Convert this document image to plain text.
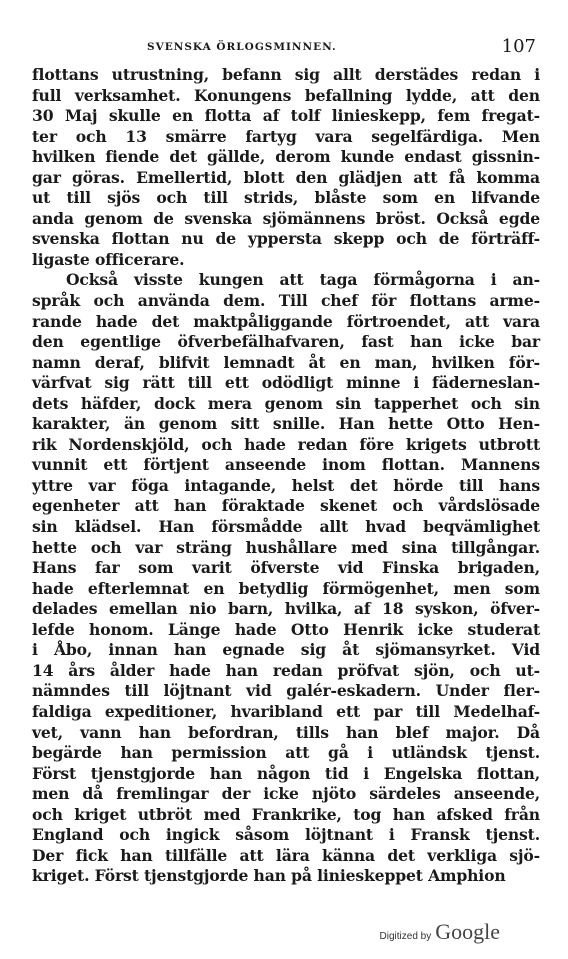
SVENSKA ÖRLOGSMINNEN.	107
flottans utrustning, befann sig allt derstädes redan i
full verksamhet. Konungens befallning lydde, att den
30 Maj skulle en flotta af tolf linieskepp, fem fregat-
ter och 13 smärre fartyg vara segelfärdiga. Men
hvilken fiende det gällde, derom kunde endast gissnin-
gar göras. Emellertid, blott den glädjen att få komma
ut till sjös och till strids, blåste som en lifvande
anda genom de svenska sjömännens bröst. Också egde
svenska flottan nu de yppersta skepp och de förträff-
ligaste officerare.
Också visste kungen att taga förmågorna i an-
språk och använda dem. Till chef för flottans arme-
rande hade det maktpåliggande förtroendet, att vara
den egentlige öfverbefälhafvaren, fast han icke bar
namn deraf, blifvit lemnadt åt en man, hvilken för-
värfvat sig rätt till ett odödligt minne i fäderneslan-
dets häfder, dock mera genom sin tapperhet och sin
karakter, än genom sitt snille. Han hette Otto Hen-
rik Nordenskjöld, och hade redan före krigets utbrott
vunnit ett förtjent anseende inom flottan. Mannens
yttre var föga intagande, helst det hörde till hans
egenheter att han föraktade skenet och vårdslösade
sin klädsel. Han försmådde allt hvad beqvämlighet
hette och var sträng hushållare med sina tillgångar.
Hans far som varit öfverste vid Finska brigaden,
hade efterlemnat en betydlig förmögenhet, men som
delades emellan nio barn, hvilka, af 18 syskon, öfver-
lefde honom. Länge hade Otto Henrik icke studerat
i Åbo, innan han egnade sig åt sjömansyrket. Vid
14 års ålder hade han redan pröfvat sjön, och ut-
nämndes till löjtnant vid galér-eskadern. Under fler-
faldiga expeditioner, hvaribland ett par till Medelhaf-
vet, vann han befordran, tills han blef major. Då
begärde han permission att gå i utländsk tjenst.
Först tjenstgjorde han någon tid i Engelska flottan,
men då fremlingar der icke njöto särdeles anseende,
och kriget utbröt med Frankrike, tog han afsked från
England och ingick såsom löjtnant i Fransk tjenst.
Der fick han tillfälle att lära känna det verkliga sjö-
kriget. Först tjenstgjorde han på linieskeppet Amphion
Digitized by Google
